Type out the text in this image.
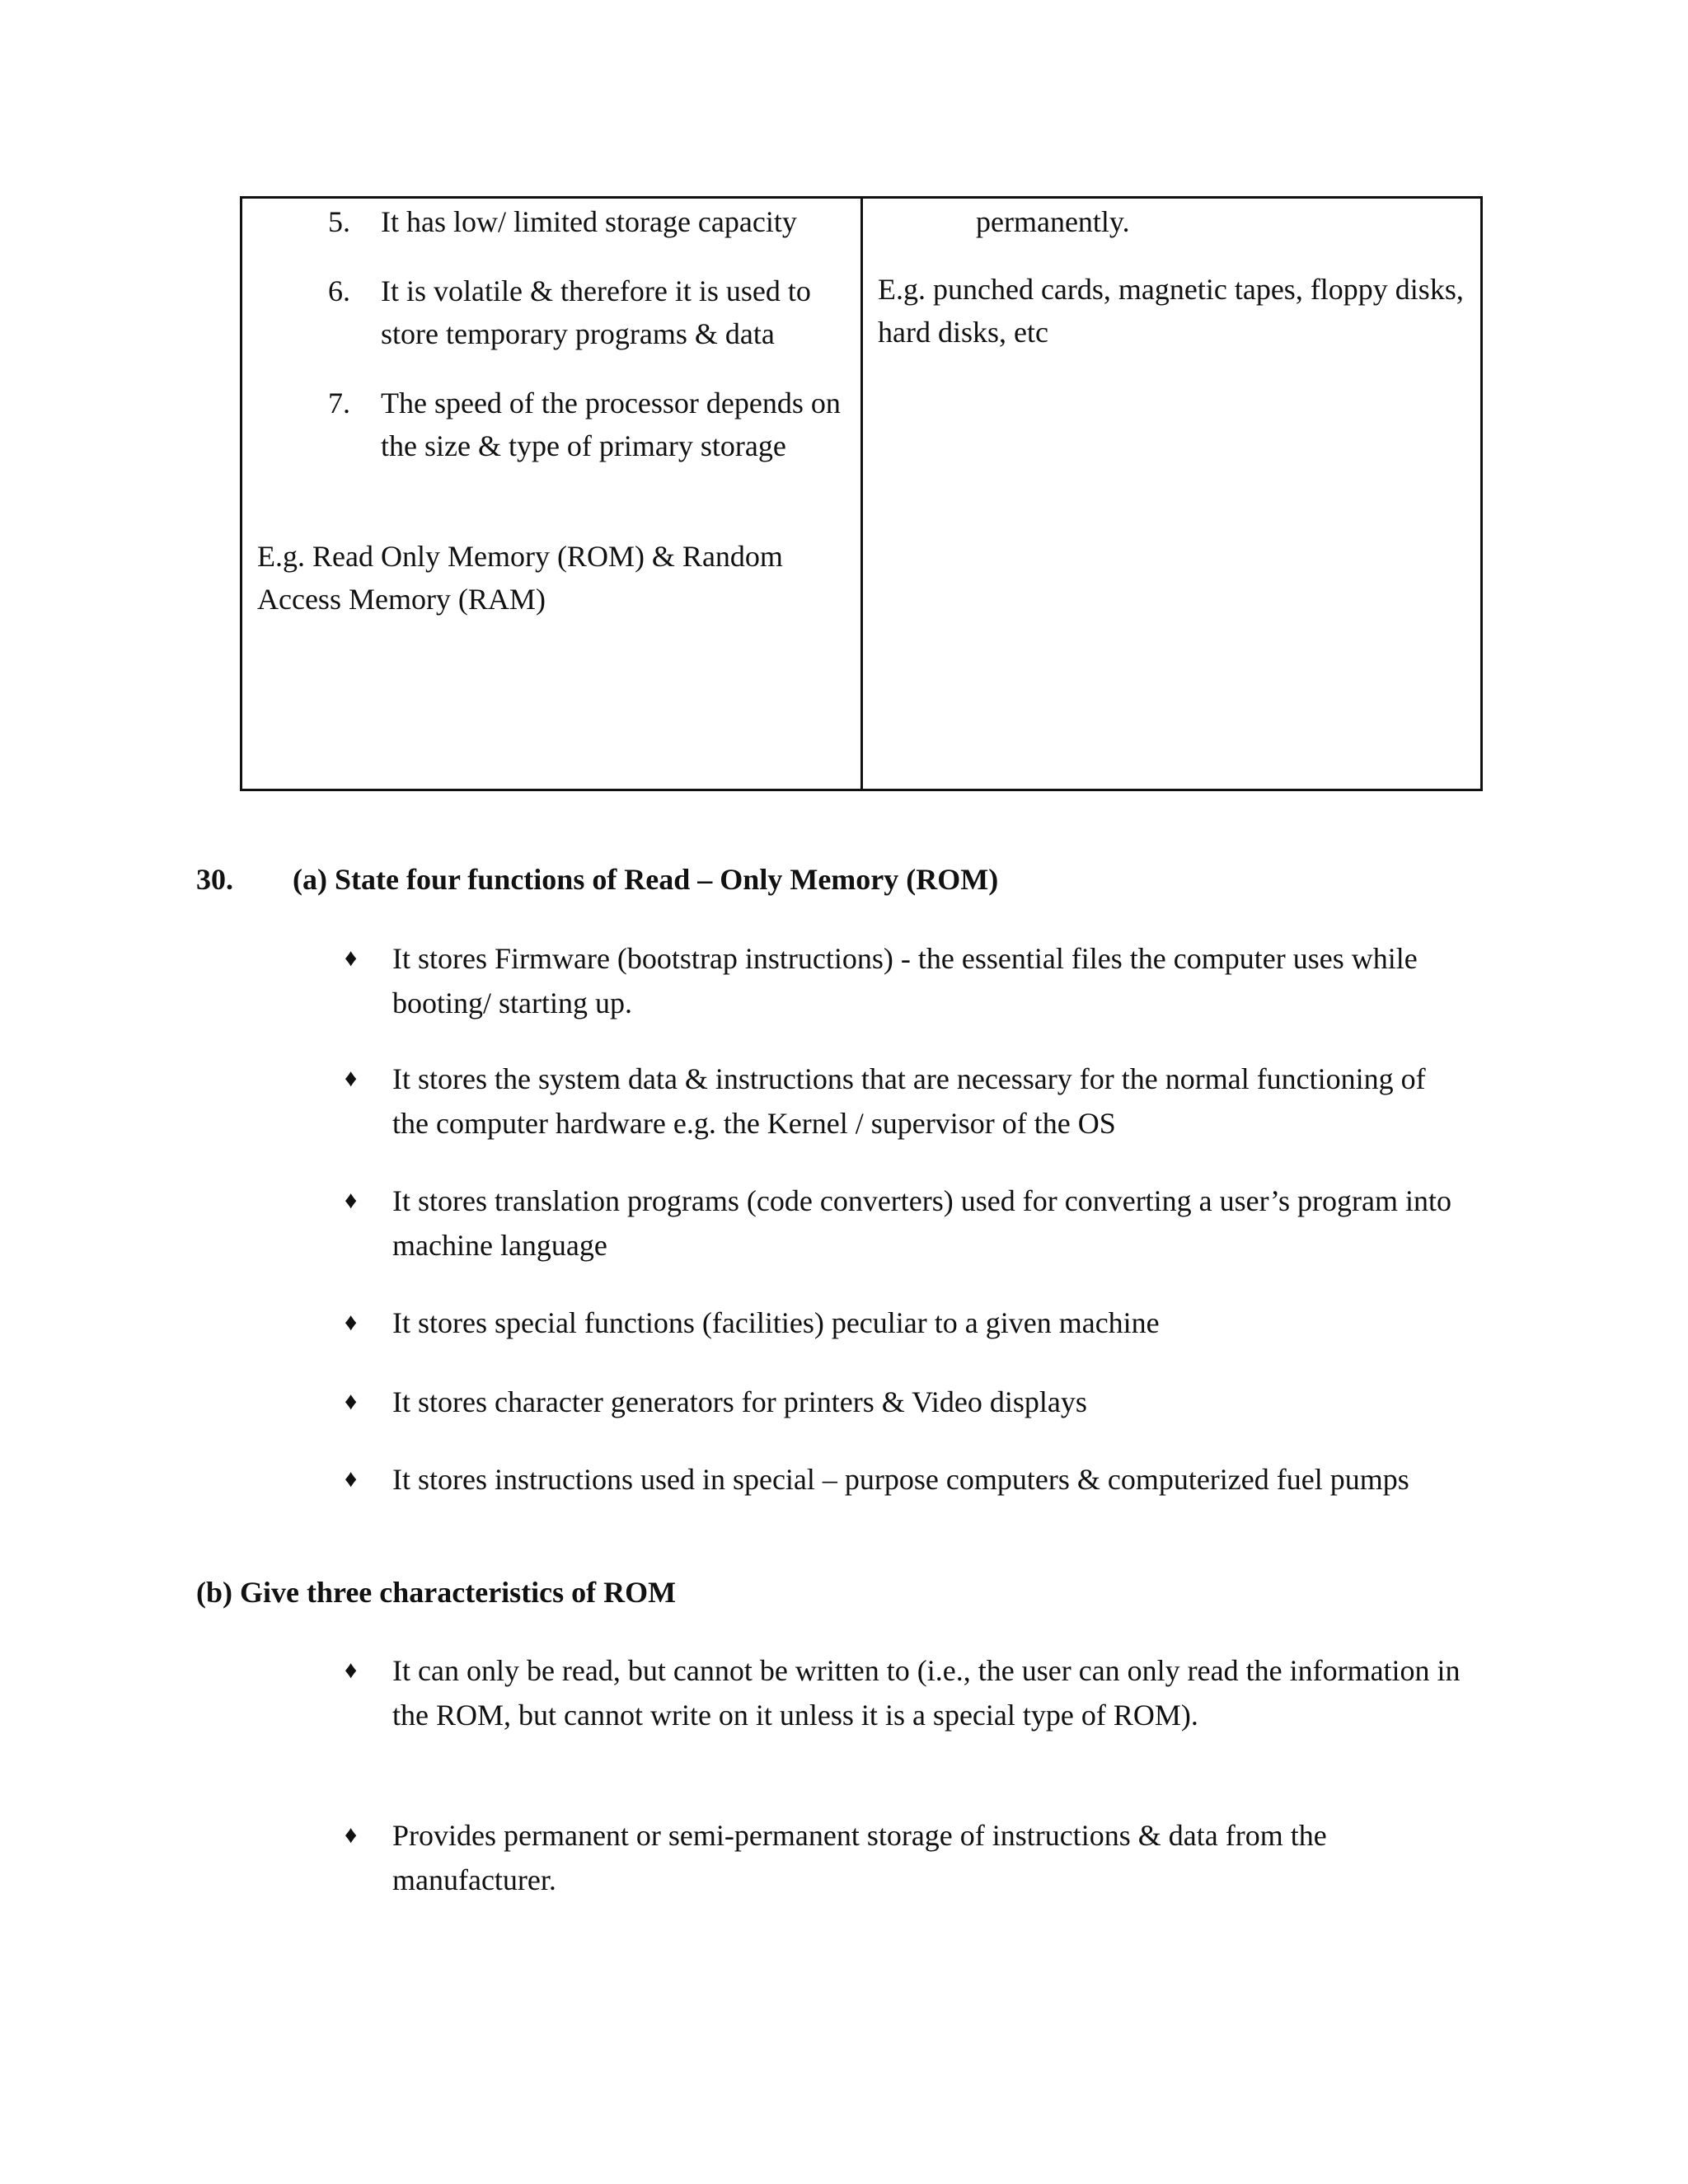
5. It has low/ limited storage capacity
6. It is volatile & therefore it is used to store temporary programs & data
7. The speed of the processor depends on the size & type of primary storage
E.g. Read Only Memory (ROM) & Random Access Memory (RAM)
permanently.
E.g. punched cards, magnetic tapes, floppy disks, hard disks, etc
30. (a) State four functions of Read – Only Memory (ROM)
♦ It stores Firmware (bootstrap instructions) - the essential files the computer uses while booting/ starting up.
♦ It stores the system data & instructions that are necessary for the normal functioning of the computer hardware e.g. the Kernel / supervisor of the OS
♦ It stores translation programs (code converters) used for converting a user’s program into machine language
♦ It stores special functions (facilities) peculiar to a given machine
♦ It stores character generators for printers & Video displays
♦ It stores instructions used in special – purpose computers & computerized fuel pumps
(b) Give three characteristics of ROM
♦ It can only be read, but cannot be written to (i.e., the user can only read the information in the ROM, but cannot write on it unless it is a special type of ROM).
♦ Provides permanent or semi-permanent storage of instructions & data from the manufacturer.
